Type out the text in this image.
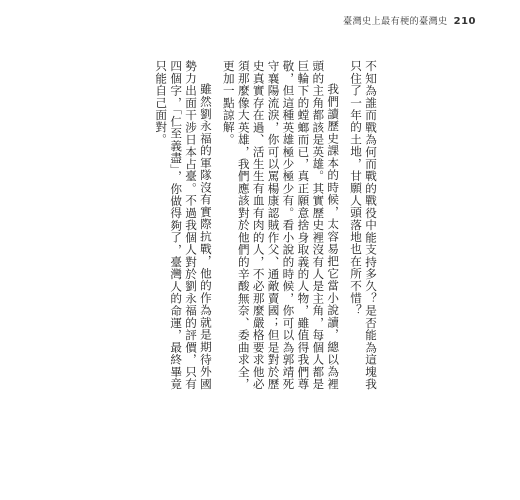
臺灣史上最有梗的臺灣史 210

不知為誰而戰為何而戰的戰役中能支持多久？是否能為這塊我只住了一年的土地，甘願人頭落地也在所不惜？

我們讀歷史課本的時候，太容易把它當小說讀，總以為裡頭的主角都該是英雄。其實歷史裡沒有人是主角，每個人都是巨輪下的螳螂而已，真正願意捨身取義的人物，雖值得我們尊敬，但這種英雄極少極少有。看小說的時候，你可以為郭靖死守襄陽流淚，你可以罵楊康認賊作父、通敵賣國；但是對於歷史真實存在過、活生生有血有肉的人，不必那麼嚴格要求他必須那麼像大英雄，我們應該對於他們的辛酸無奈、委曲求全，更加一點諒解。

雖然劉永福的軍隊沒有實際抗戰，他的作為就是期待外國勢力出面干涉日本占臺。不過我個人對於劉永福的評價，只有四個字，「仁至義盡」，你做得夠了，臺灣人的命運，最終畢竟只能自己面對。
